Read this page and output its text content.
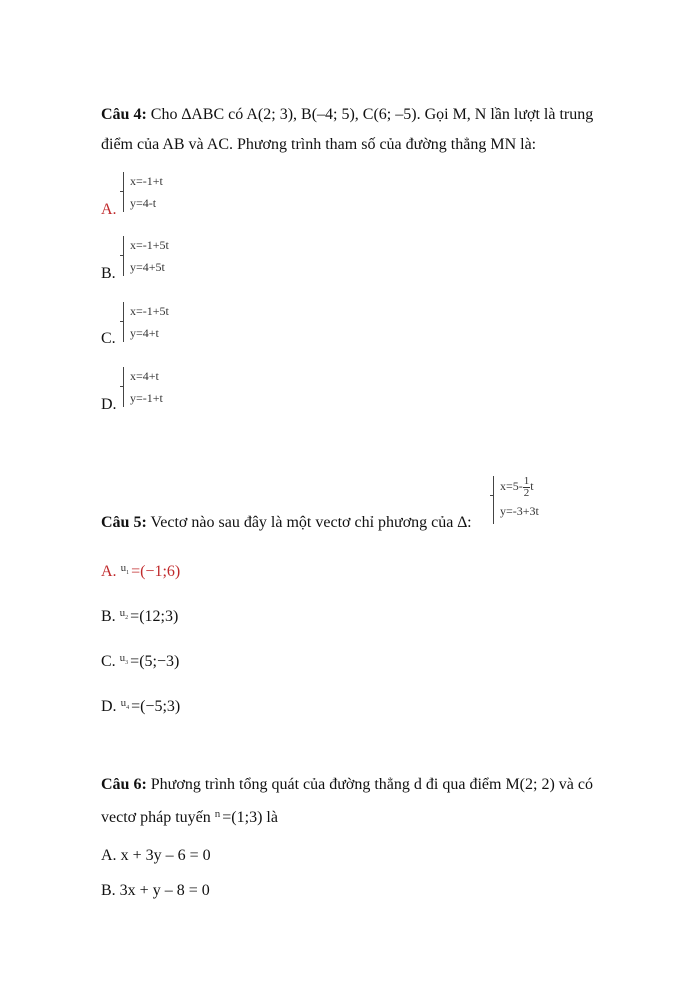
Câu 4: Cho ∆ABC có A(2; 3), B(–4; 5), C(6; –5). Gọi M, N lần lượt là trung
điểm của AB và AC. Phương trình tham số của đường thẳng MN là:
A.
x=-1+t
y=4-t
B.
x=-1+5t
y=4+5t
C.
x=-1+5t
y=4+t
D.
x=4+t
y=-1+t
Câu 5: Vectơ nào sau đây là một vectơ chỉ phương của ∆:
$x=5- \frac{1}{2}$ t
y=-3+3t
A. $^{u_1}$ =(−1;6)
B. $^{u_2}$ =(12;3)
C. $^{u_3}$ =(5;−3)
D. $^{u_4}$ =(−5;3)
Câu 6: Phương trình tổng quát của đường thẳng d đi qua điểm M(2; 2) và có
vectơ pháp tuyến $^n$ =(1;3) là
A. x + 3y – 6 = 0
B. 3x + y – 8 = 0
